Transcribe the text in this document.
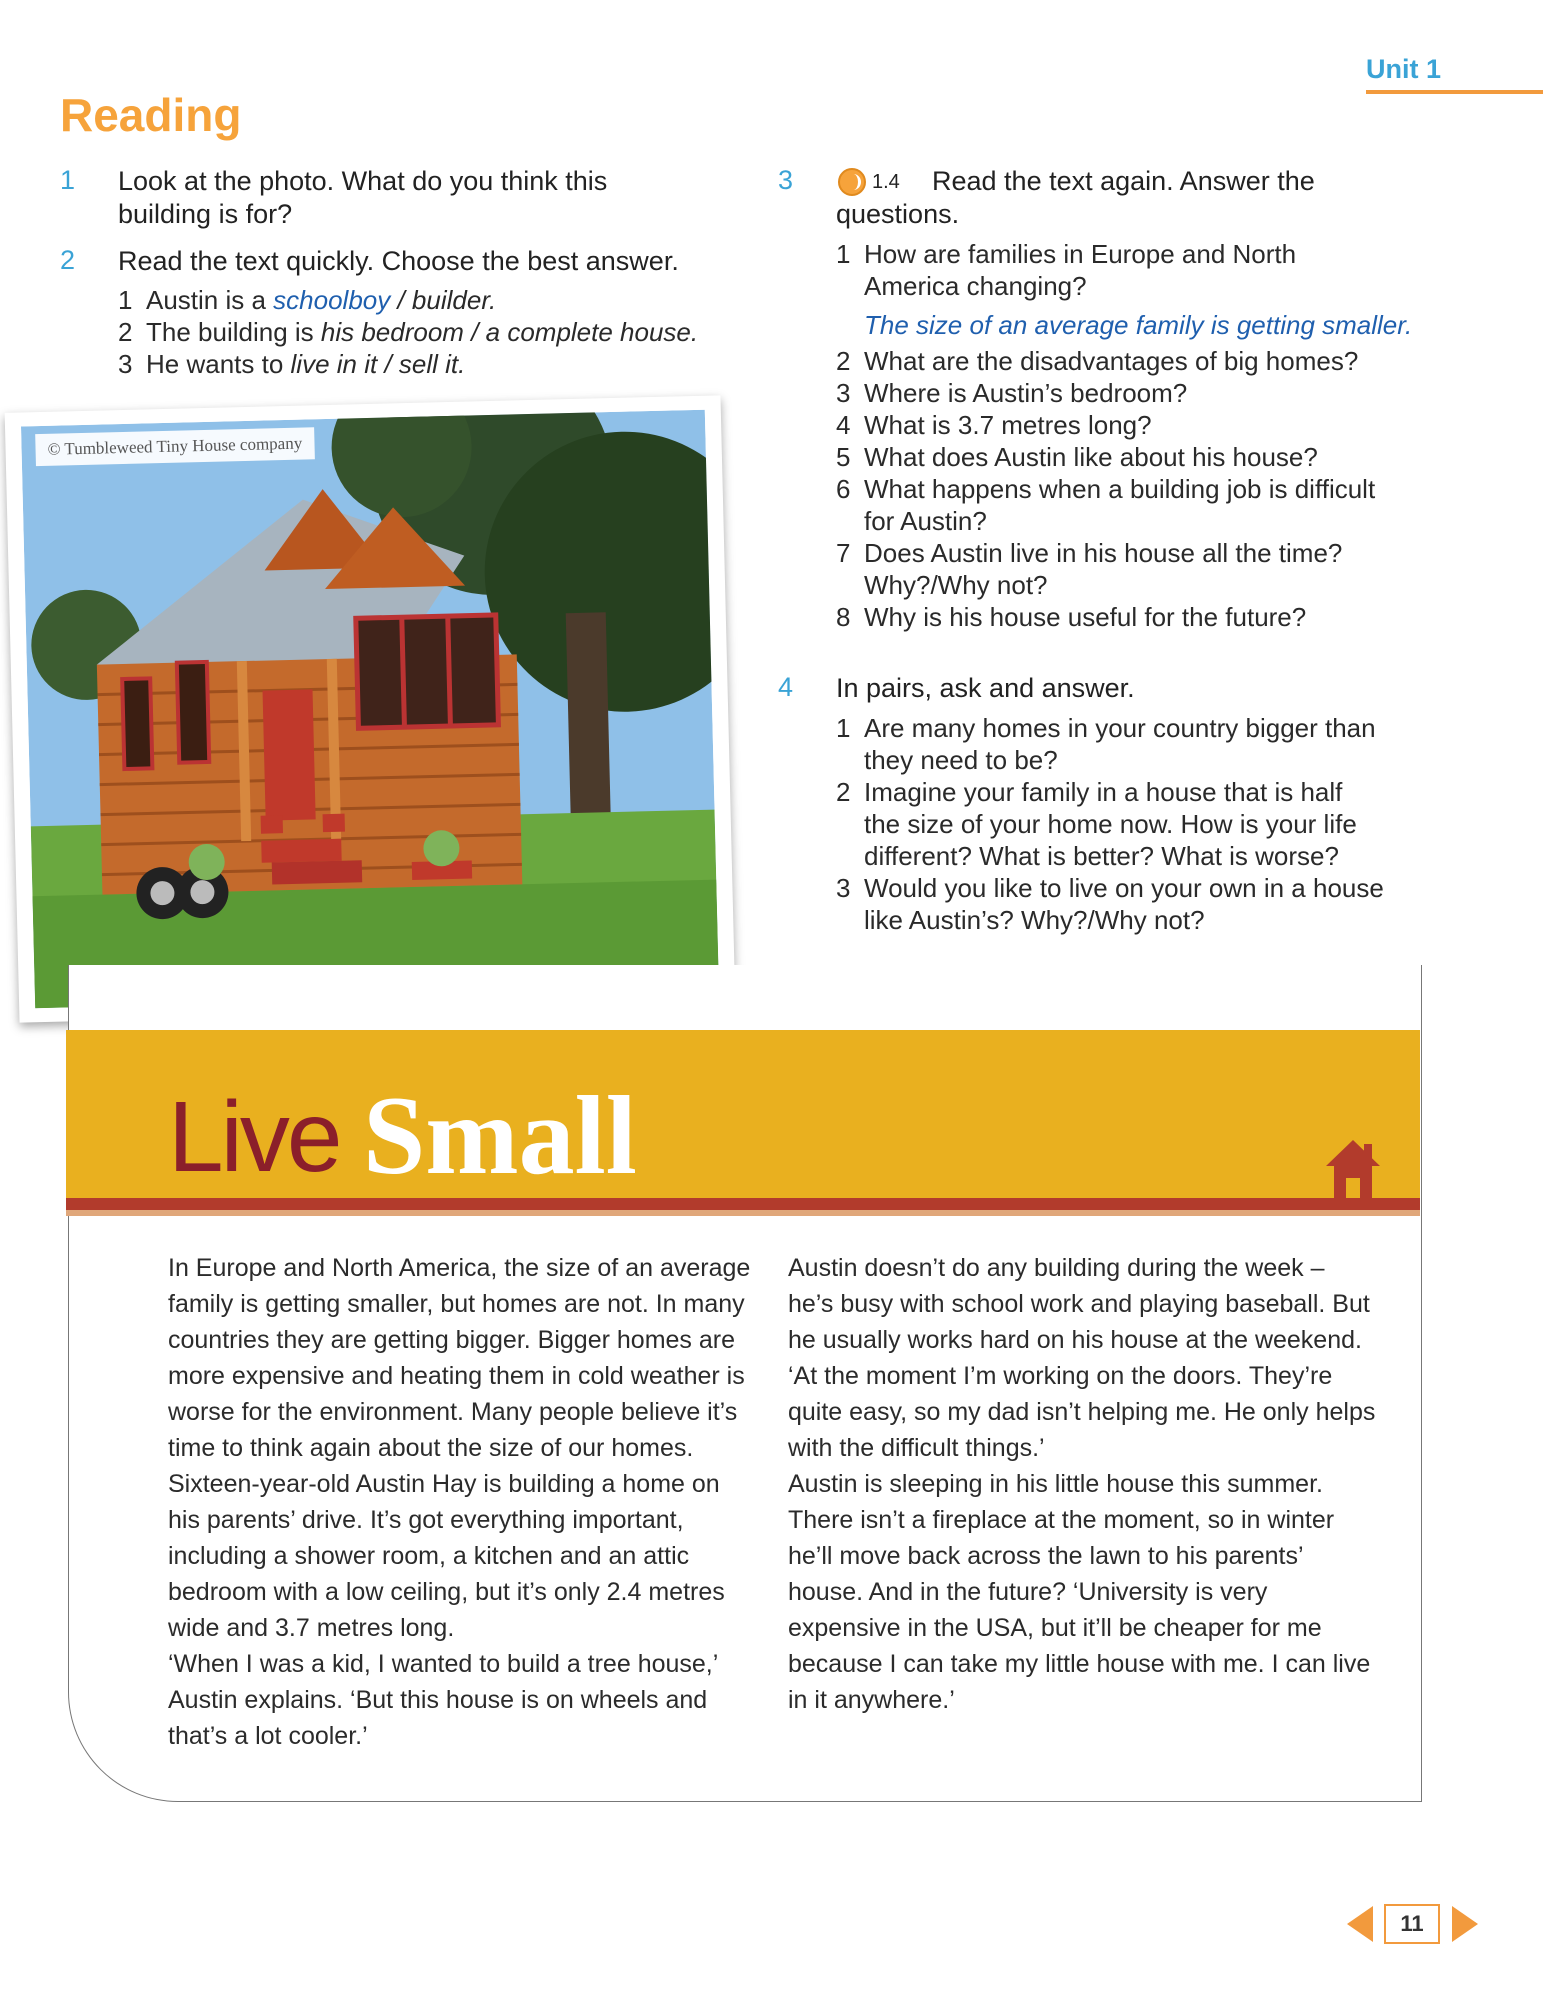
Unit 1
Reading
1 Look at the photo. What do you think this
building is for?
2 Read the text quickly. Choose the best answer.
1 Austin is a schoolboy / builder.
2 The building is his bedroom / a complete house.
3 He wants to live in it / sell it.
© Tumbleweed Tiny House company
3	1.4	Read the text again. Answer the
questions.
1 How are families in Europe and North
America changing?
The size of an average family is getting smaller.
2 What are the disadvantages of big homes?
3 Where is Austin’s bedroom?
4 What is 3.7 metres long?
5 What does Austin like about his house?
6 What happens when a building job is difficult
for Austin?
7 Does Austin live in his house all the time?
Why?/Why not?
8 Why is his house useful for the future?
4 In pairs, ask and answer.
1 Are many homes in your country bigger than
they need to be?
2 Imagine your family in a house that is half
the size of your home now. How is your life
different? What is better? What is worse?
3 Would you like to live on your own in a house
like Austin’s? Why?/Why not?
Live Small
In Europe and North America, the size of an average
family is getting smaller, but homes are not. In many
countries they are getting bigger. Bigger homes are
more expensive and heating them in cold weather is
worse for the environment. Many people believe it’s
time to think again about the size of our homes.
Sixteen-year-old Austin Hay is building a home on
his parents’ drive. It’s got everything important,
including a shower room, a kitchen and an attic
bedroom with a low ceiling, but it’s only 2.4 metres
wide and 3.7 metres long.
‘When I was a kid, I wanted to build a tree house,’
Austin explains. ‘But this house is on wheels and
that’s a lot cooler.’
Austin doesn’t do any building during the week –
he’s busy with school work and playing baseball. But
he usually works hard on his house at the weekend.
‘At the moment I’m working on the doors. They’re
quite easy, so my dad isn’t helping me. He only helps
with the difficult things.’
Austin is sleeping in his little house this summer.
There isn’t a fireplace at the moment, so in winter
he’ll move back across the lawn to his parents’
house. And in the future? ‘University is very
expensive in the USA, but it’ll be cheaper for me
because I can take my little house with me. I can live
in it anywhere.’
11
